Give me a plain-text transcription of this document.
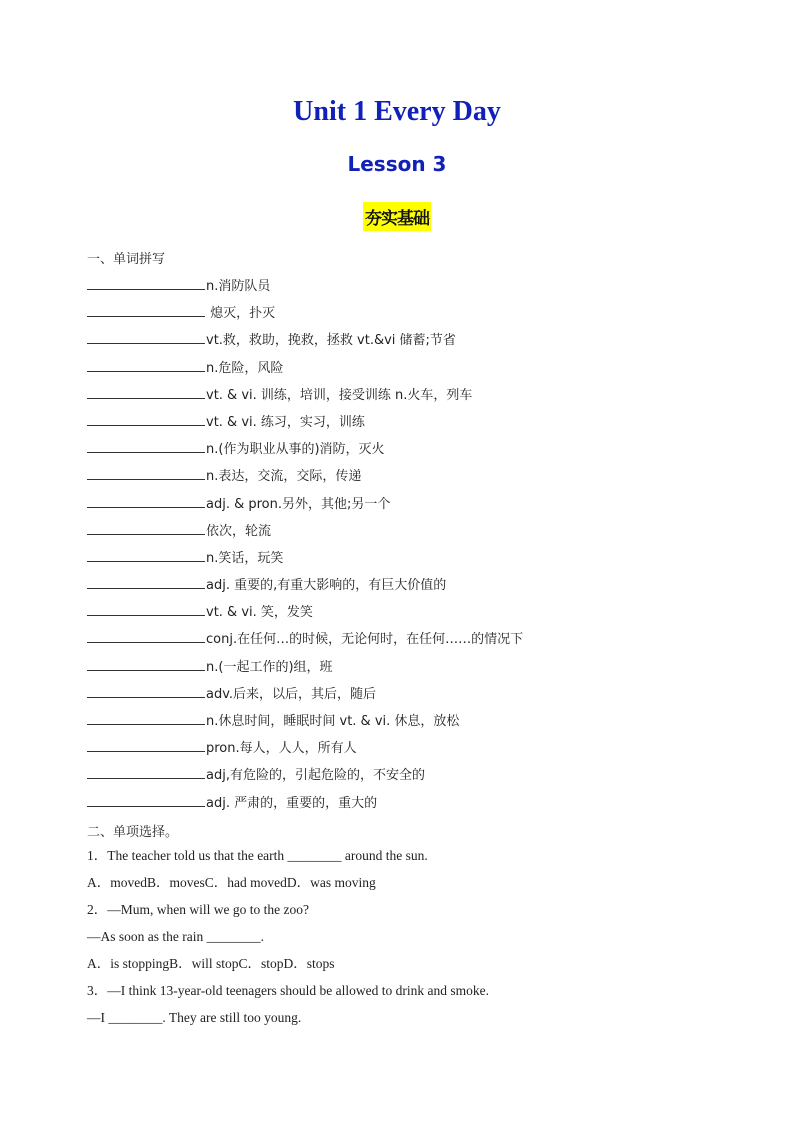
Unit 1 Every Day
Lesson 3
夯实基础
一、单词拼写
n.消防队员
熄灭，扑灭
vt.救，救助，挽救，拯救 vt.&vi 储蓄;节省
n.危险，风险
vt. & vi. 训练，培训，接受训练 n.火车，列车
vt. & vi. 练习，实习，训练
n.(作为职业从事的)消防，灭火
n.表达，交流，交际，传递
adj. & pron.另外，其他;另一个
依次，轮流
n.笑话，玩笑
adj. 重要的,有重大影响的，有巨大价值的
vt. & vi. 笑，发笑
conj.在任何…的时候，无论何时，在任何……的情况下
n.(一起工作的)组，班
adv.后来，以后，其后，随后
n.休息时间，睡眠时间 vt. & vi. 休息，放松
pron.每人，人人，所有人
adj,有危险的，引起危险的，不安全的
adj. 严肃的，重要的，重大的
二、单项选择。
1．The teacher told us that the earth ________ around the sun.
A．movedB．movesC．had movedD．was moving
2．—Mum, when will we go to the zoo?
—As soon as the rain ________.
A．is stoppingB．will stopC．stopD．stops
3．—I think 13-year-old teenagers should be allowed to drink and smoke.
—I ________. They are still too young.
